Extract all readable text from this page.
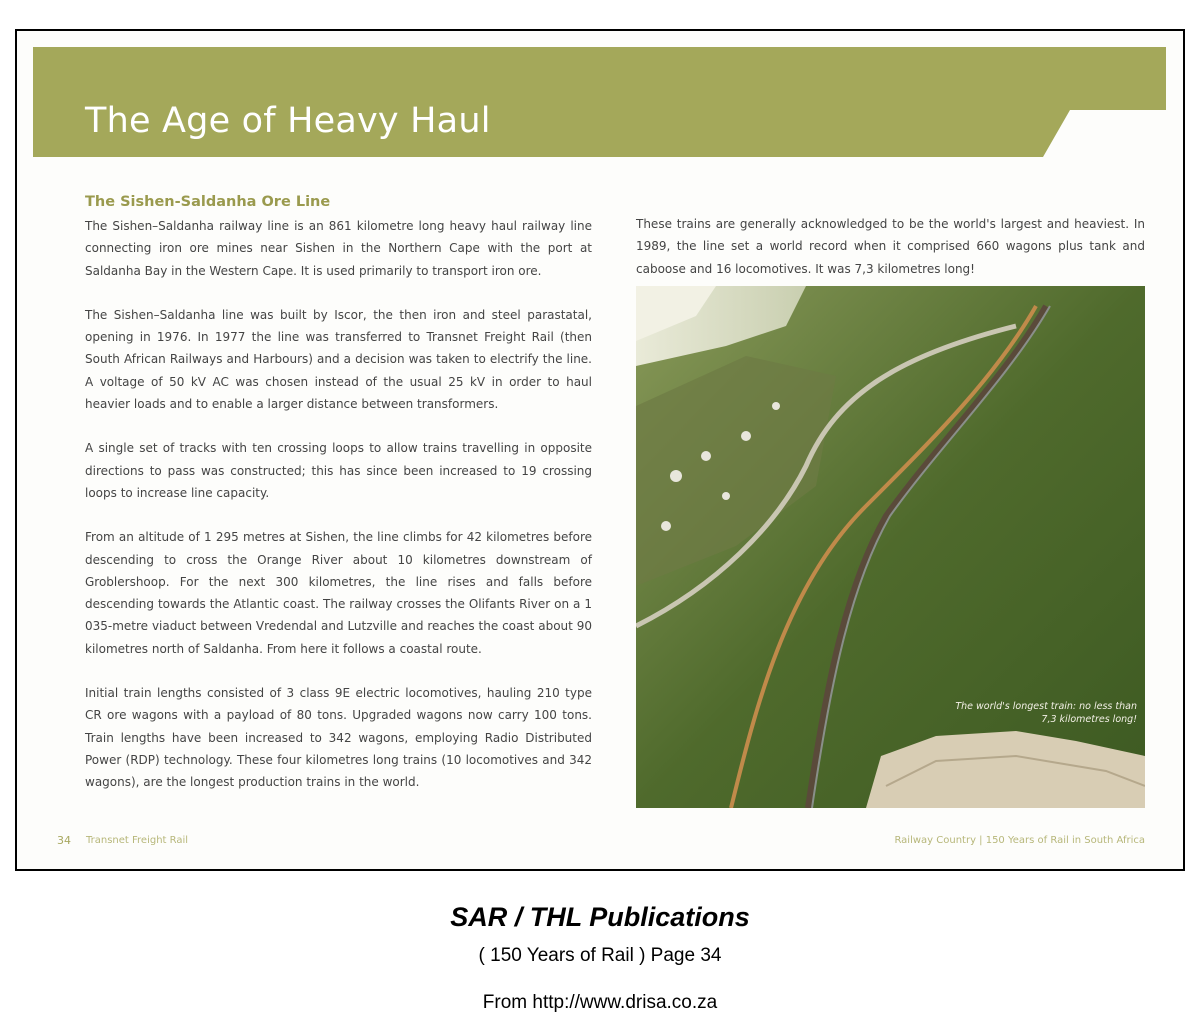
The Age of Heavy Haul
The Sishen-Saldanha Ore Line

The Sishen–Saldanha railway line is an 861 kilometre long heavy haul railway line connecting iron ore mines near Sishen in the Northern Cape with the port at Saldanha Bay in the Western Cape. It is used primarily to transport iron ore.

The Sishen–Saldanha line was built by Iscor, the then iron and steel parastatal, opening in 1976. In 1977 the line was transferred to Transnet Freight Rail (then South African Railways and Harbours) and a decision was taken to electrify the line. A voltage of 50 kV AC was chosen instead of the usual 25 kV in order to haul heavier loads and to enable a larger distance between transformers.

A single set of tracks with ten crossing loops to allow trains travelling in opposite directions to pass was constructed; this has since been increased to 19 crossing loops to increase line capacity.

From an altitude of 1 295 metres at Sishen, the line climbs for 42 kilometres before descending to cross the Orange River about 10 kilometres downstream of Groblershoop. For the next 300 kilometres, the line rises and falls before descending towards the Atlantic coast. The railway crosses the Olifants River on a 1 035-metre viaduct between Vredendal and Lutzville and reaches the coast about 90 kilometres north of Saldanha. From here it follows a coastal route.

Initial train lengths consisted of 3 class 9E electric locomotives, hauling 210 type CR ore wagons with a payload of 80 tons. Upgraded wagons now carry 100 tons. Train lengths have been increased to 342 wagons, employing Radio Distributed Power (RDP) technology. These four kilometres long trains (10 locomotives and 342 wagons), are the longest production trains in the world.

These trains are generally acknowledged to be the world's largest and heaviest. In 1989, the line set a world record when it comprised 660 wagons plus tank and caboose and 16 locomotives. It was 7,3 kilometres long!

The world's longest train: no less than
7,3 kilometres long!
34 Transnet Freight Rail	Railway Country | 150 Years of Rail in South Africa
SAR / THL Publications
( 150 Years of Rail ) Page 34
From http://www.drisa.co.za
